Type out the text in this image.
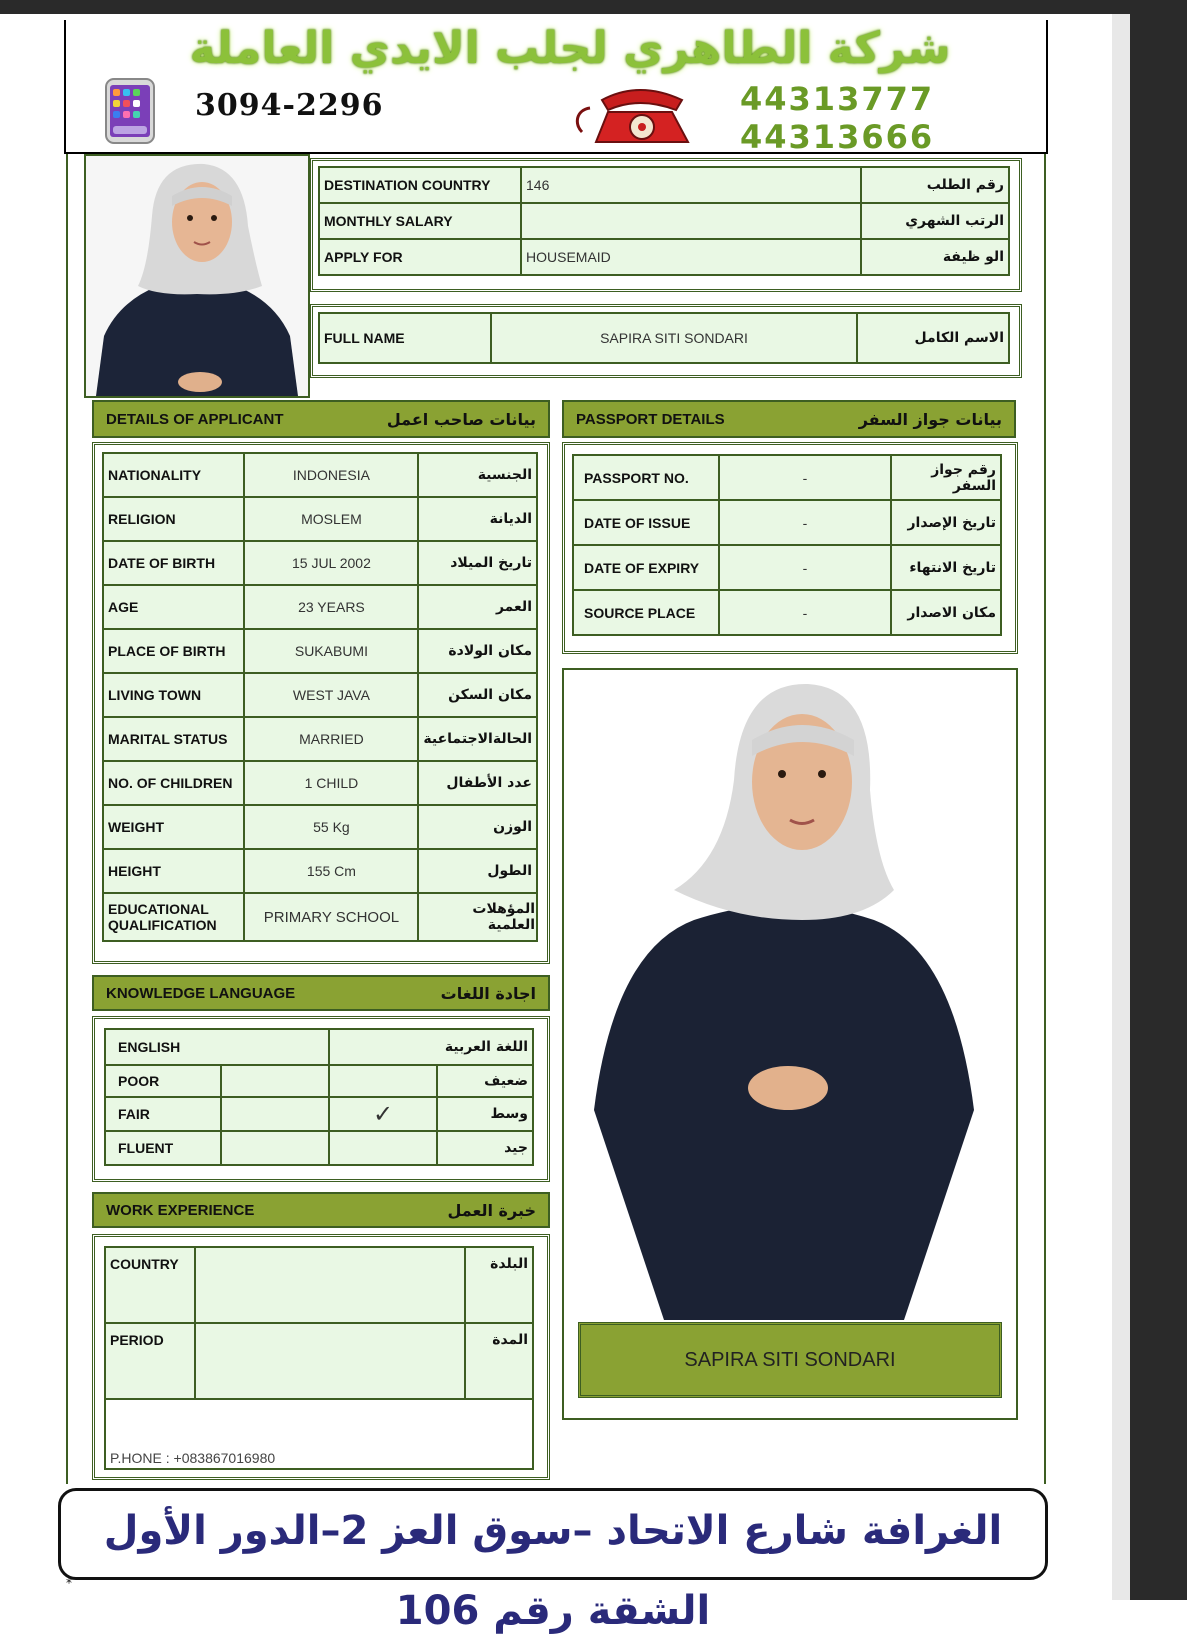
شركة الطاهري لجلب الايدي العاملة
3094-2296	44313777
44313666
DESTINATION COUNTRY	146	رقم الطلب
MONTHLY SALARY		الرتب الشهري
APPLY FOR	HOUSEMAID	الو ظيفة
FULL NAME	SAPIRA SITI SONDARI	الاسم الكامل
DETAILS OF APPLICANT	بيانات صاحب اعمل
NATIONALITY	INDONESIA	الجنسية
RELIGION	MOSLEM	الديانة
DATE OF BIRTH	15 JUL 2002	تاريخ الميلاد
AGE	23 YEARS	العمر
PLACE OF BIRTH	SUKABUMI	مكان الولادة
LIVING TOWN	WEST JAVA	مكان السكن
MARITAL STATUS	MARRIED	الحالةالاجتماعية
NO. OF CHILDREN	1 CHILD	عدد الأطفال
WEIGHT	55 Kg	الوزن
HEIGHT	155 Cm	الطول
EDUCATIONAL QUALIFICATION	PRIMARY SCHOOL	المؤهلات العلمية
PASSPORT DETAILS	بيانات جواز السفر
PASSPORT NO.	-	رقم جواز السفر
DATE OF ISSUE	-	تاريخ الإصدار
DATE OF EXPIRY	-	تاريخ الانتهاء
SOURCE PLACE	-	مكان الاصدار
SAPIRA SITI SONDARI
KNOWLEDGE LANGUAGE	اجادة اللغات
ENGLISH		اللغة العربية	
POOR			ضعيف
FAIR		✓	وسط
FLUENT			جيد
WORK EXPERIENCE	خبرة العمل
COUNTRY		البلدة
PERIOD		المدة
P.HONE : +083867016980		
الغرافة شارع الاتحاد –سوق العز 2–الدور الأول الشقة رقم 106
*
